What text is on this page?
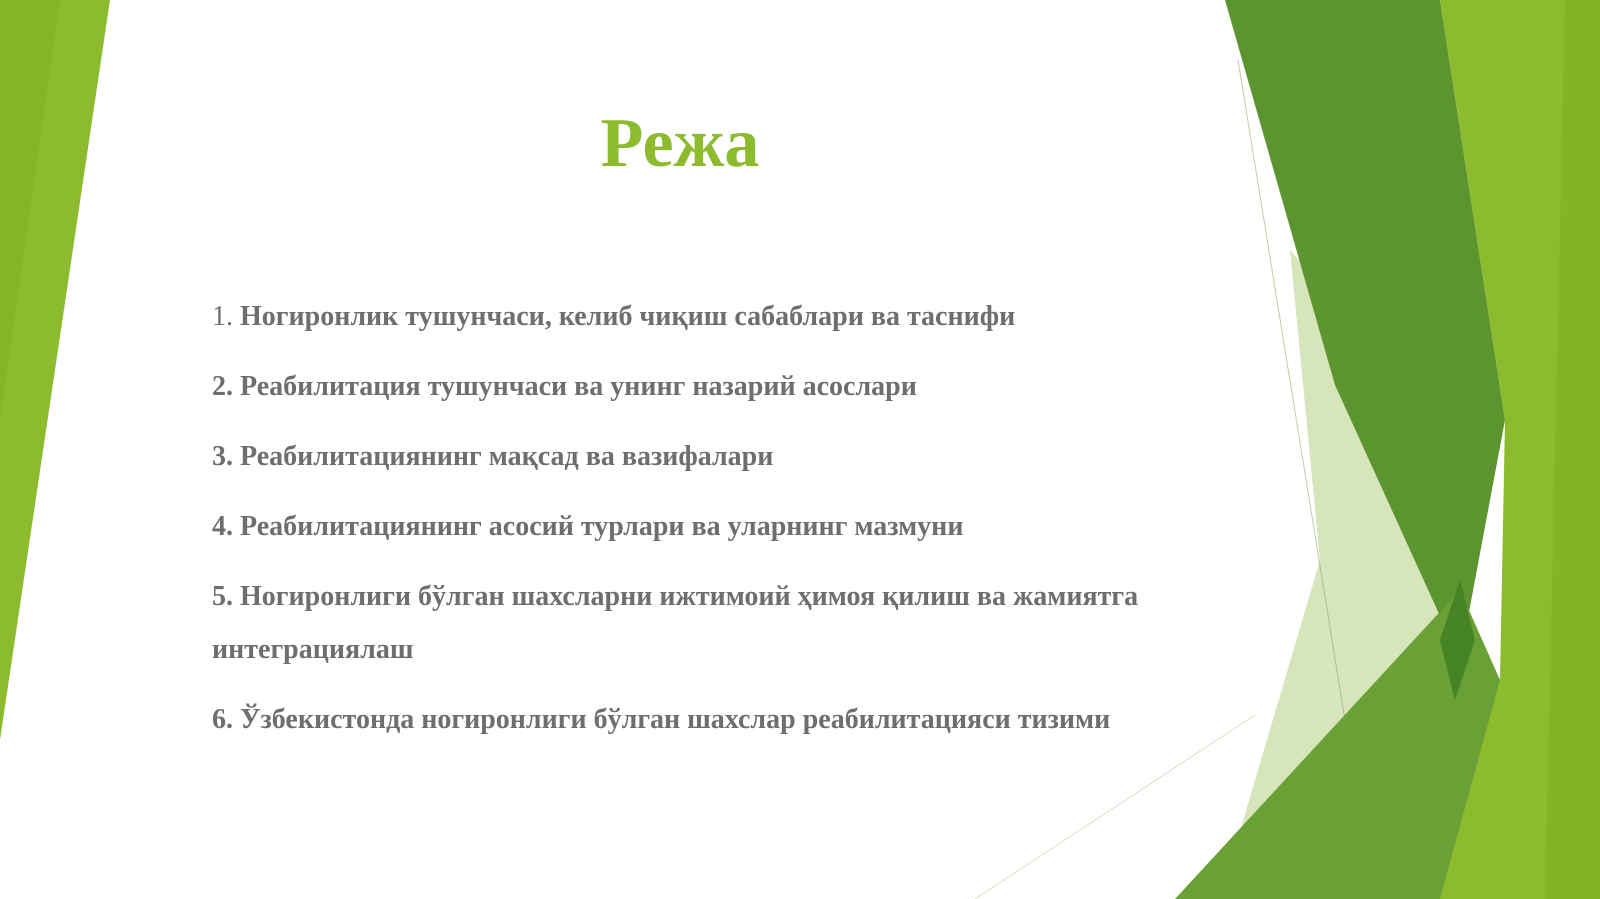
Режа
1. Ногиронлик тушунчаси, келиб чиқиш сабаблари ва таснифи
2. Реабилитация тушунчаси ва унинг назарий асослари
3. Реабилитациянинг мақсад ва вазифалари
4. Реабилитациянинг асосий турлари ва уларнинг мазмуни
5. Ногиронлиги бўлган шахсларни ижтимоий ҳимоя қилиш ва жамиятга интеграциялаш
6. Ўзбекистонда ногиронлиги бўлган шахслар реабилитацияси тизими
